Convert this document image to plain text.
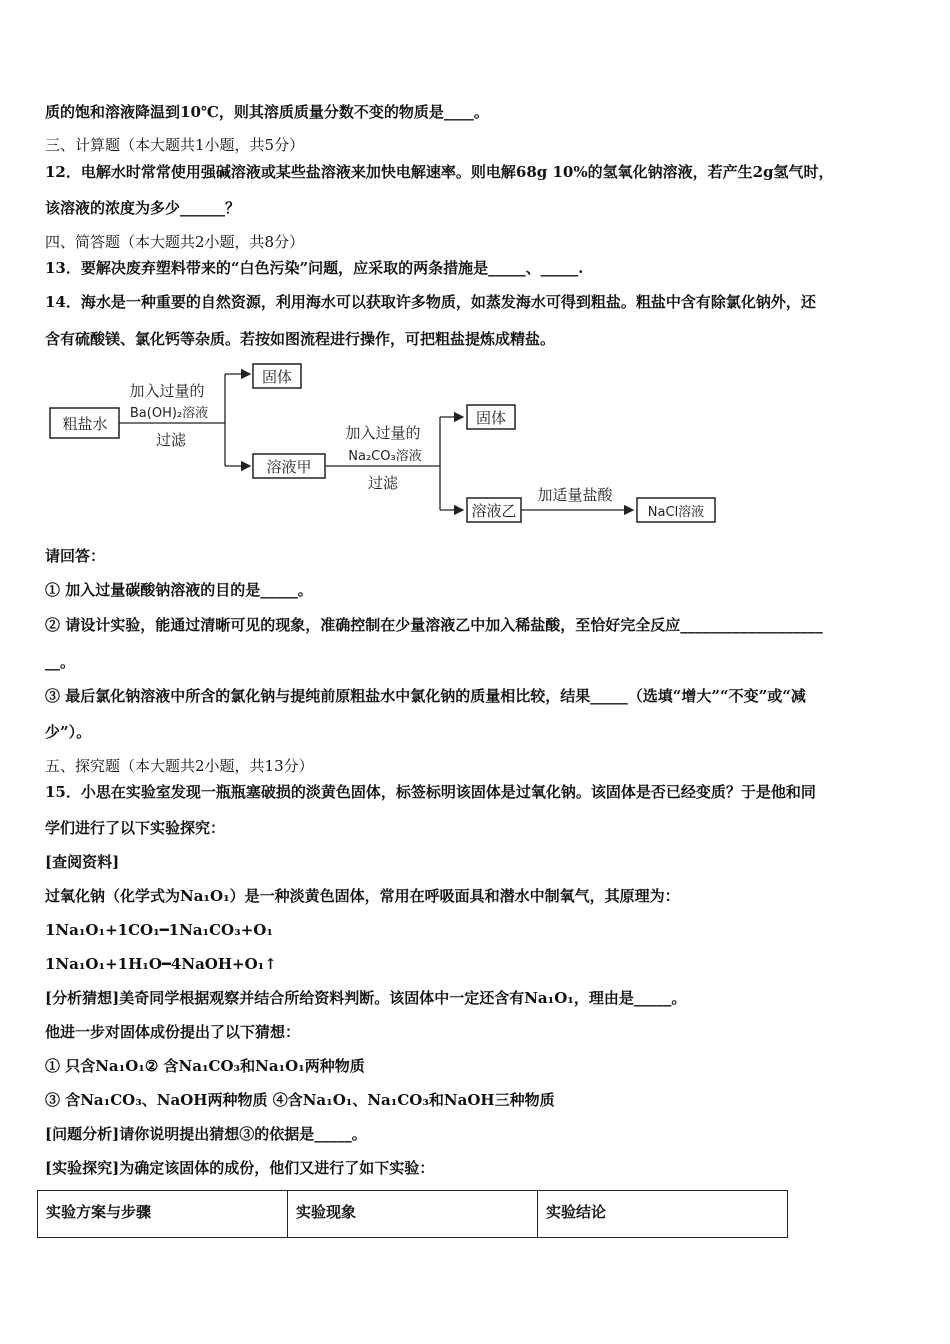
质的饱和溶液降温到10℃，则其溶质质量分数不变的物质是____。
三、计算题（本大题共1小题，共5分）
12．电解水时常常使用强碱溶液或某些盐溶液来加快电解速率。则电解68g 10%的氢氧化钠溶液，若产生2g氢气时，
该溶液的浓度为多少______？
四、简答题（本大题共2小题，共8分）
13．要解决废弃塑料带来的“白色污染”问题，应采取的两条措施是_____、_____.
14．海水是一种重要的自然资源，利用海水可以获取许多物质，如蒸发海水可得到粗盐。粗盐中含有除氯化钠外，还
含有硫酸镁、氯化钙等杂质。若按如图流程进行操作，可把粗盐提炼成精盐。
粗盐水
加入过量的
Ba(OH)₂溶液
过滤
固体
溶液甲
加入过量的
Na₂CO₃溶液
过滤
固体
溶液乙
加适量盐酸
NaCl溶液
请回答：
① 加入过量碳酸钠溶液的目的是_____。
② 请设计实验，能通过清晰可见的现象，准确控制在少量溶液乙中加入稀盐酸，至恰好完全反应___________________
__。
③ 最后氯化钠溶液中所含的氯化钠与提纯前原粗盐水中氯化钠的质量相比较，结果_____（选填“增大”“不变”或“减
少”）。
五、探究题（本大题共2小题，共13分）
15．小思在实验室发现一瓶瓶塞破损的淡黄色固体，标签标明该固体是过氧化钠。该固体是否已经变质？于是他和同
学们进行了以下实验探究：
[查阅资料]
过氧化钠（化学式为Na₁O₁）是一种淡黄色固体，常用在呼吸面具和潜水中制氧气，其原理为：
1Na₁O₁+1CO₁━1Na₁CO₃+O₁
1Na₁O₁+1H₁O━4NaOH+O₁↑
[分析猜想]美奇同学根据观察并结合所给资料判断。该固体中一定还含有Na₁O₁，理由是_____。
他进一步对固体成份提出了以下猜想：
① 只含Na₁O₁② 含Na₁CO₃和Na₁O₁两种物质
③ 含Na₁CO₃、NaOH两种物质 ④含Na₁O₁、Na₁CO₃和NaOH三种物质
[问题分析]请你说明提出猜想③的依据是_____。
[实验探究]为确定该固体的成份，他们又进行了如下实验：
实验方案与步骤	实验现象	实验结论
